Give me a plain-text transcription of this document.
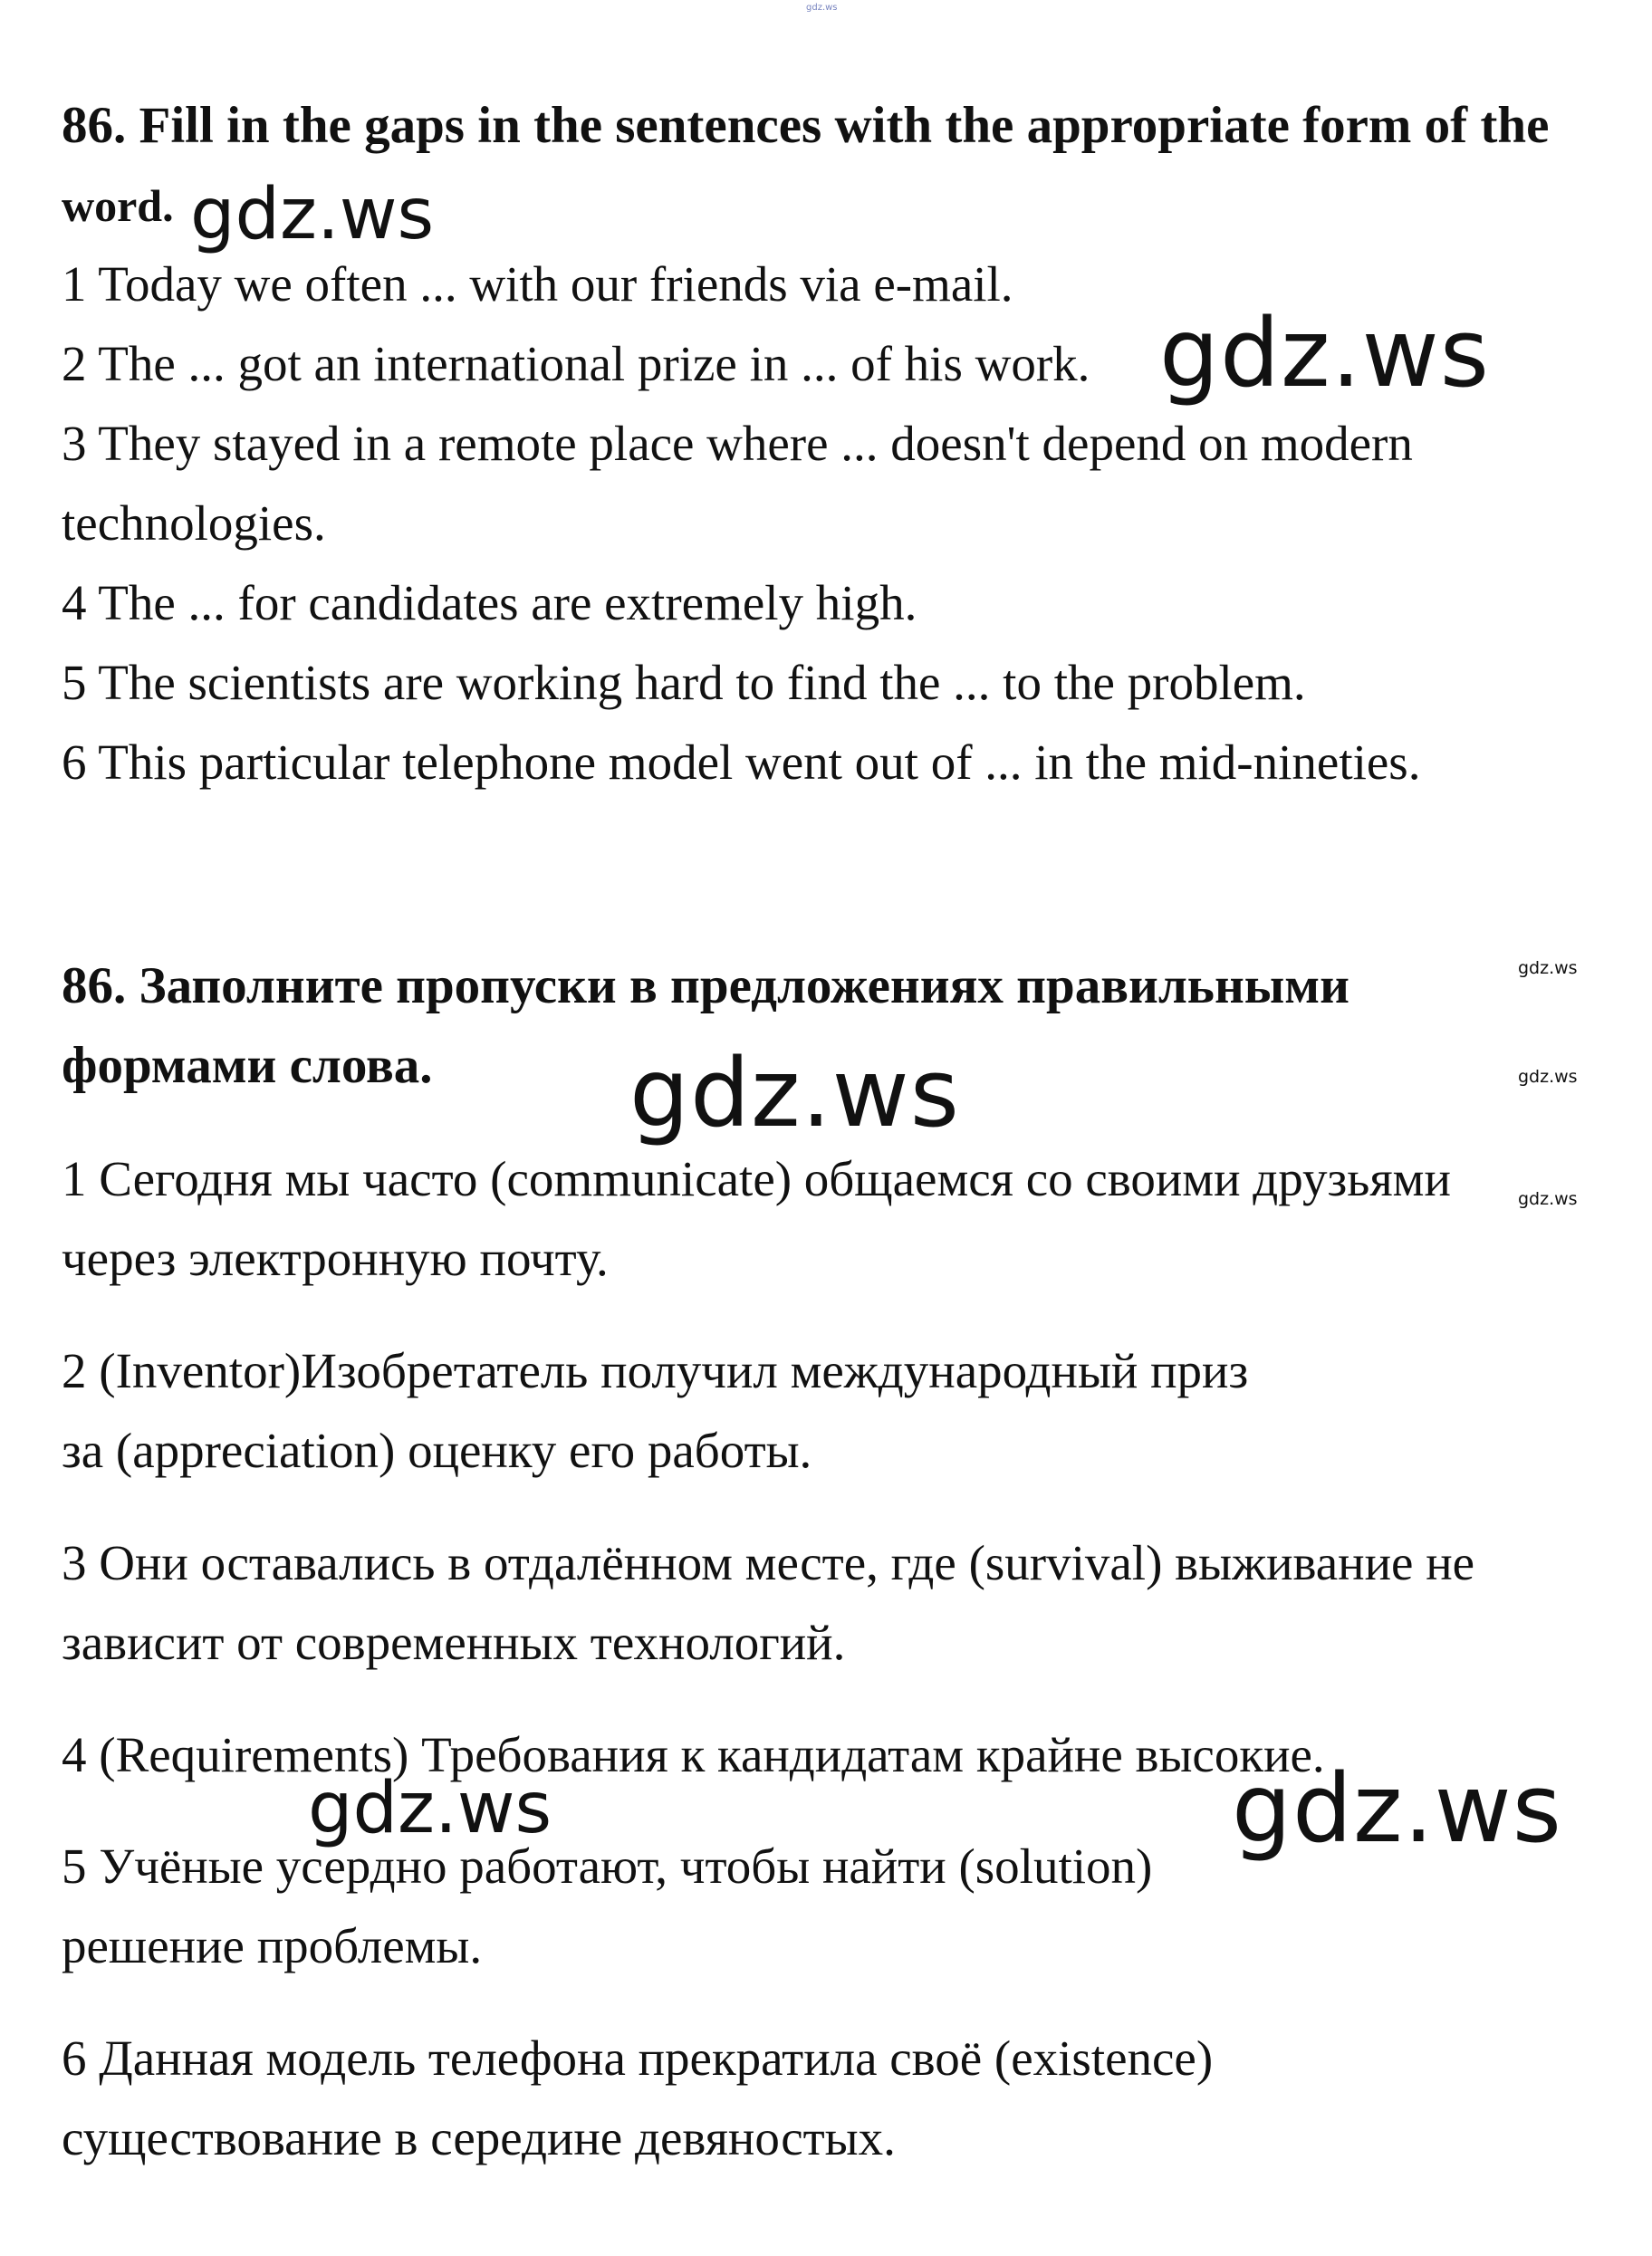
gdz.ws
86. Fill in the gaps in the sentences with the appropriate form of the
word. gdz.ws
1 Today we often ... with our friends via e-mail.
2 The ... got an international prize in ... of his work. gdz.ws
3 They stayed in a remote place where ... doesn't depend on modern
technologies.
4 The ... for candidates are extremely high.
5 The scientists are working hard to find the ... to the problem.
6 This particular telephone model went out of ... in the mid-nineties.
86. Заполните пропуски в предложениях правильными
формами слова.
gdz.ws
gdz.ws
gdz.ws
1 Сегодня мы часто (communicate) общаемся со своими друзьями	gdz.ws
через электронную почту.
2 (Inventor)Изобретатель получил международный приз
за (appreciation) оценку его работы.
3 Они оставались в отдалённом месте, где (survival) выживание не
зависит от современных технологий.
4 (Requirements) Требования к кандидатам крайне высокие.
gdz.ws	gdz.ws
5 Учёные усердно работают, чтобы найти (solution)
решение проблемы.
6 Данная модель телефона прекратила своё (existence)
существование в середине девяностых.
